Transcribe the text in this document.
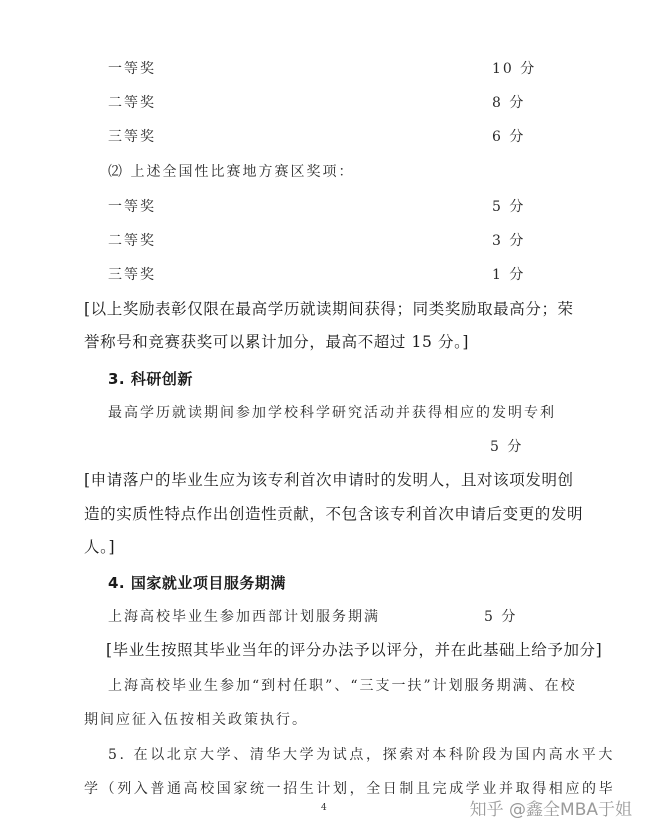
一等奖	10 分
二等奖	8 分
三等奖	6 分
⑵ 上述全国性比赛地方赛区奖项：
一等奖	5 分
二等奖	3 分
三等奖	1 分
[以上奖励表彰仅限在最高学历就读期间获得；同类奖励取最高分；荣
誉称号和竞赛获奖可以累计加分，最高不超过 15 分。]
3. 科研创新
最高学历就读期间参加学校科学研究活动并获得相应的发明专利
5 分
[申请落户的毕业生应为该专利首次申请时的发明人，且对该项发明创
造的实质性特点作出创造性贡献，不包含该专利首次申请后变更的发明
人。]
4. 国家就业项目服务期满
上海高校毕业生参加西部计划服务期满	5 分
[毕业生按照其毕业当年的评分办法予以评分，并在此基础上给予加分]
上海高校毕业生参加“到村任职”、“三支一扶”计划服务期满、在校
期间应征入伍按相关政策执行。
5. 在以北京大学、清华大学为试点，探索对本科阶段为国内高水平大
学（列入普通高校国家统一招生计划，全日制且完成学业并取得相应的毕
4	知乎 @鑫全MBA于姐
